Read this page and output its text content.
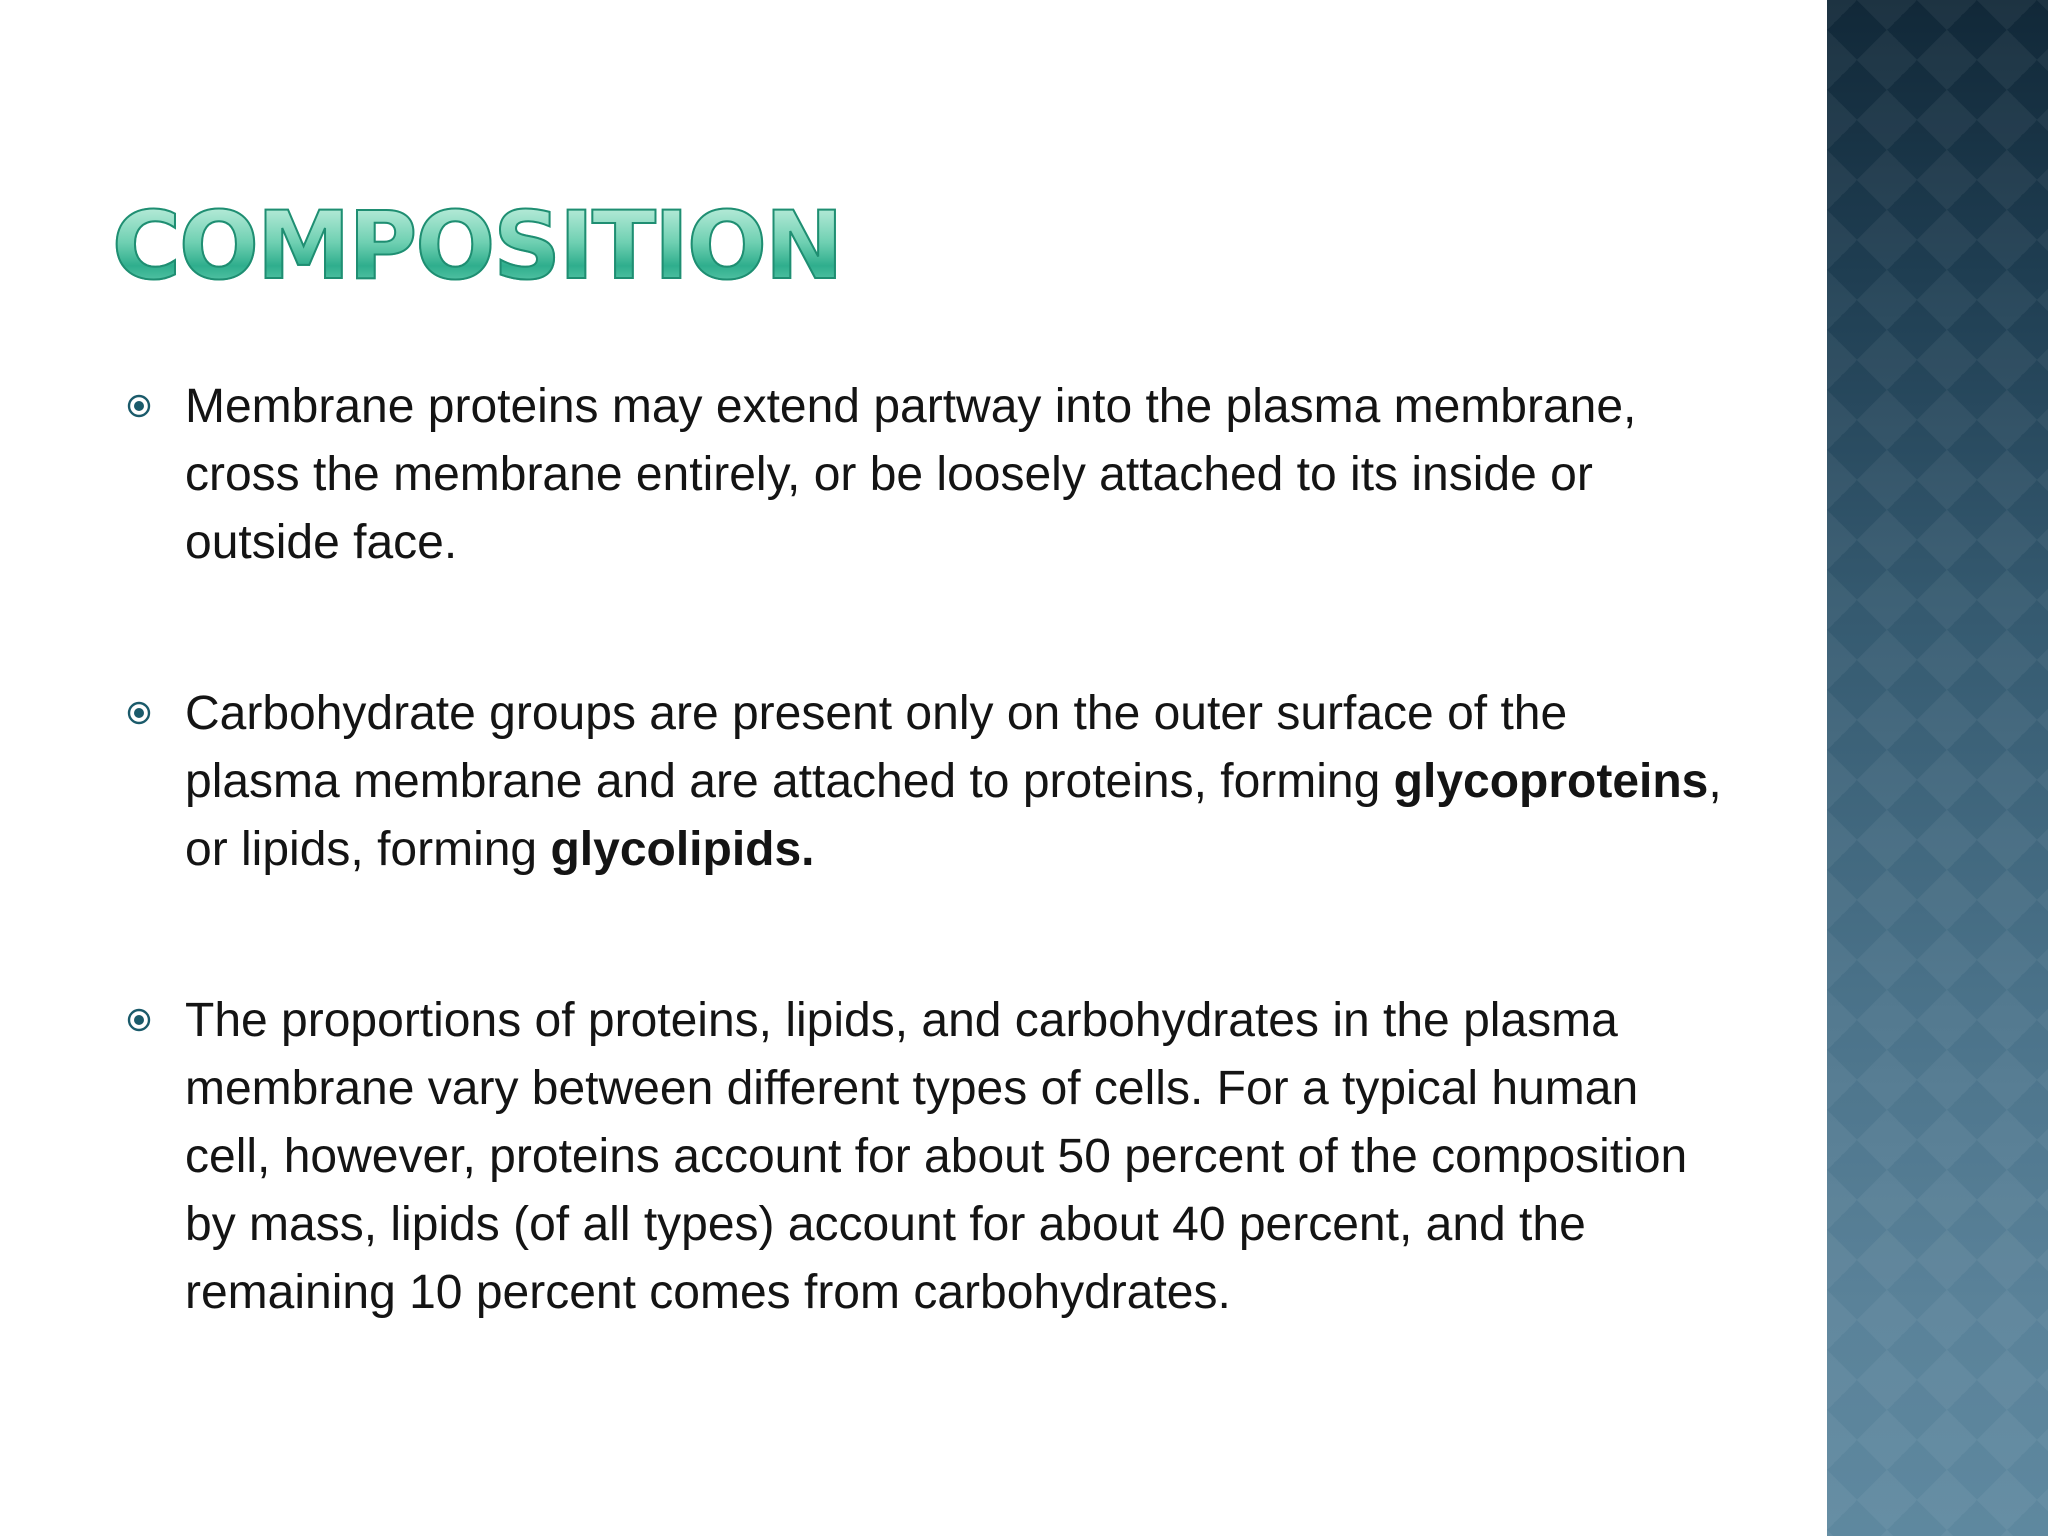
COMPOSITION
Membrane proteins may extend partway into the plasma membrane, cross the membrane entirely, or be loosely attached to its inside or outside face.
Carbohydrate groups are present only on the outer surface of the plasma membrane and are attached to proteins, forming glycoproteins, or lipids, forming glycolipids.
The proportions of proteins, lipids, and carbohydrates in the plasma membrane vary between different types of cells. For a typical human cell, however, proteins account for about 50 percent of the composition by mass, lipids (of all types) account for about 40 percent, and the remaining 10 percent comes from carbohydrates.
